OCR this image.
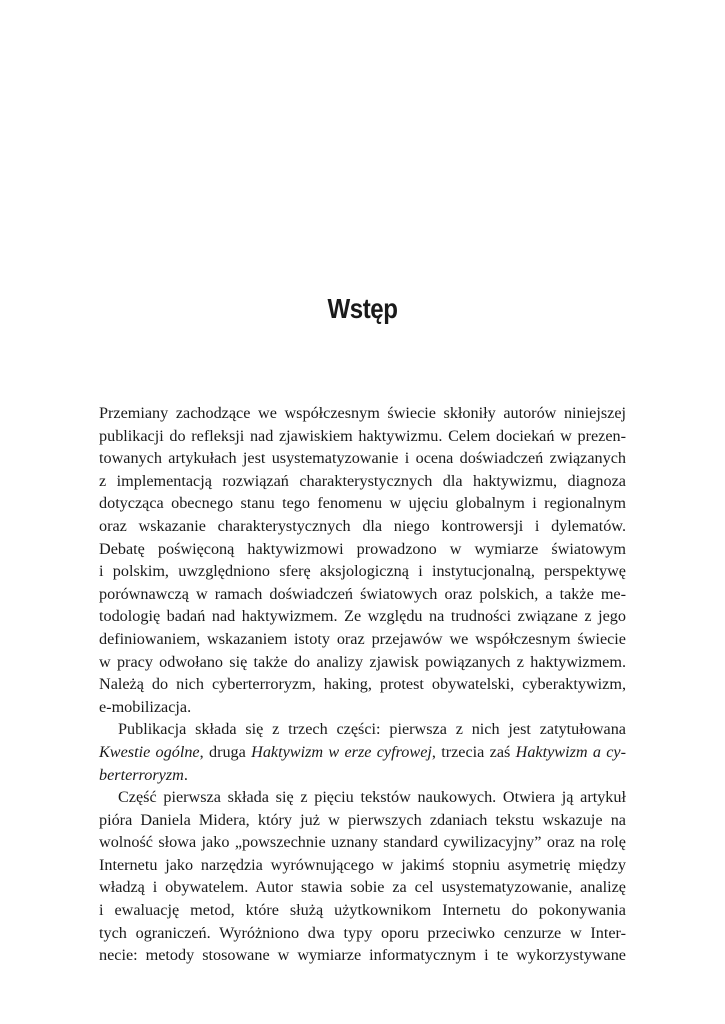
Wstęp
Przemiany zachodzące we współczesnym świecie skłoniły autorów niniejszej
publikacji do refleksji nad zjawiskiem haktywizmu. Celem dociekań w prezen-
towanych artykułach jest usystematyzowanie i ocena doświadczeń związanych
z implementacją rozwiązań charakterystycznych dla haktywizmu, diagnoza
dotycząca obecnego stanu tego fenomenu w ujęciu globalnym i regionalnym
oraz wskazanie charakterystycznych dla niego kontrowersji i dylematów.
Debatę poświęconą haktywizmowi prowadzono w wymiarze światowym
i polskim, uwzględniono sferę aksjologiczną i instytucjonalną, perspektywę
porównawczą w ramach doświadczeń światowych oraz polskich, a także me-
todologię badań nad haktywizmem. Ze względu na trudności związane z jego
definiowaniem, wskazaniem istoty oraz przejawów we współczesnym świecie
w pracy odwołano się także do analizy zjawisk powiązanych z haktywizmem.
Należą do nich cyberterroryzm, haking, protest obywatelski, cyberaktywizm,
e-mobilizacja.
Publikacja składa się z trzech części: pierwsza z nich jest zatytułowana
Kwestie ogólne, druga Haktywizm w erze cyfrowej, trzecia zaś Haktywizm a cy-
berterroryzm.
Część pierwsza składa się z pięciu tekstów naukowych. Otwiera ją artykuł
pióra Daniela Midera, który już w pierwszych zdaniach tekstu wskazuje na
wolność słowa jako „powszechnie uznany standard cywilizacyjny” oraz na rolę
Internetu jako narzędzia wyrównującego w jakimś stopniu asymetrię między
władzą i obywatelem. Autor stawia sobie za cel usystematyzowanie, analizę
i ewaluację metod, które służą użytkownikom Internetu do pokonywania
tych ograniczeń. Wyróżniono dwa typy oporu przeciwko cenzurze w Inter-
necie: metody stosowane w wymiarze informatycznym i te wykorzystywane
